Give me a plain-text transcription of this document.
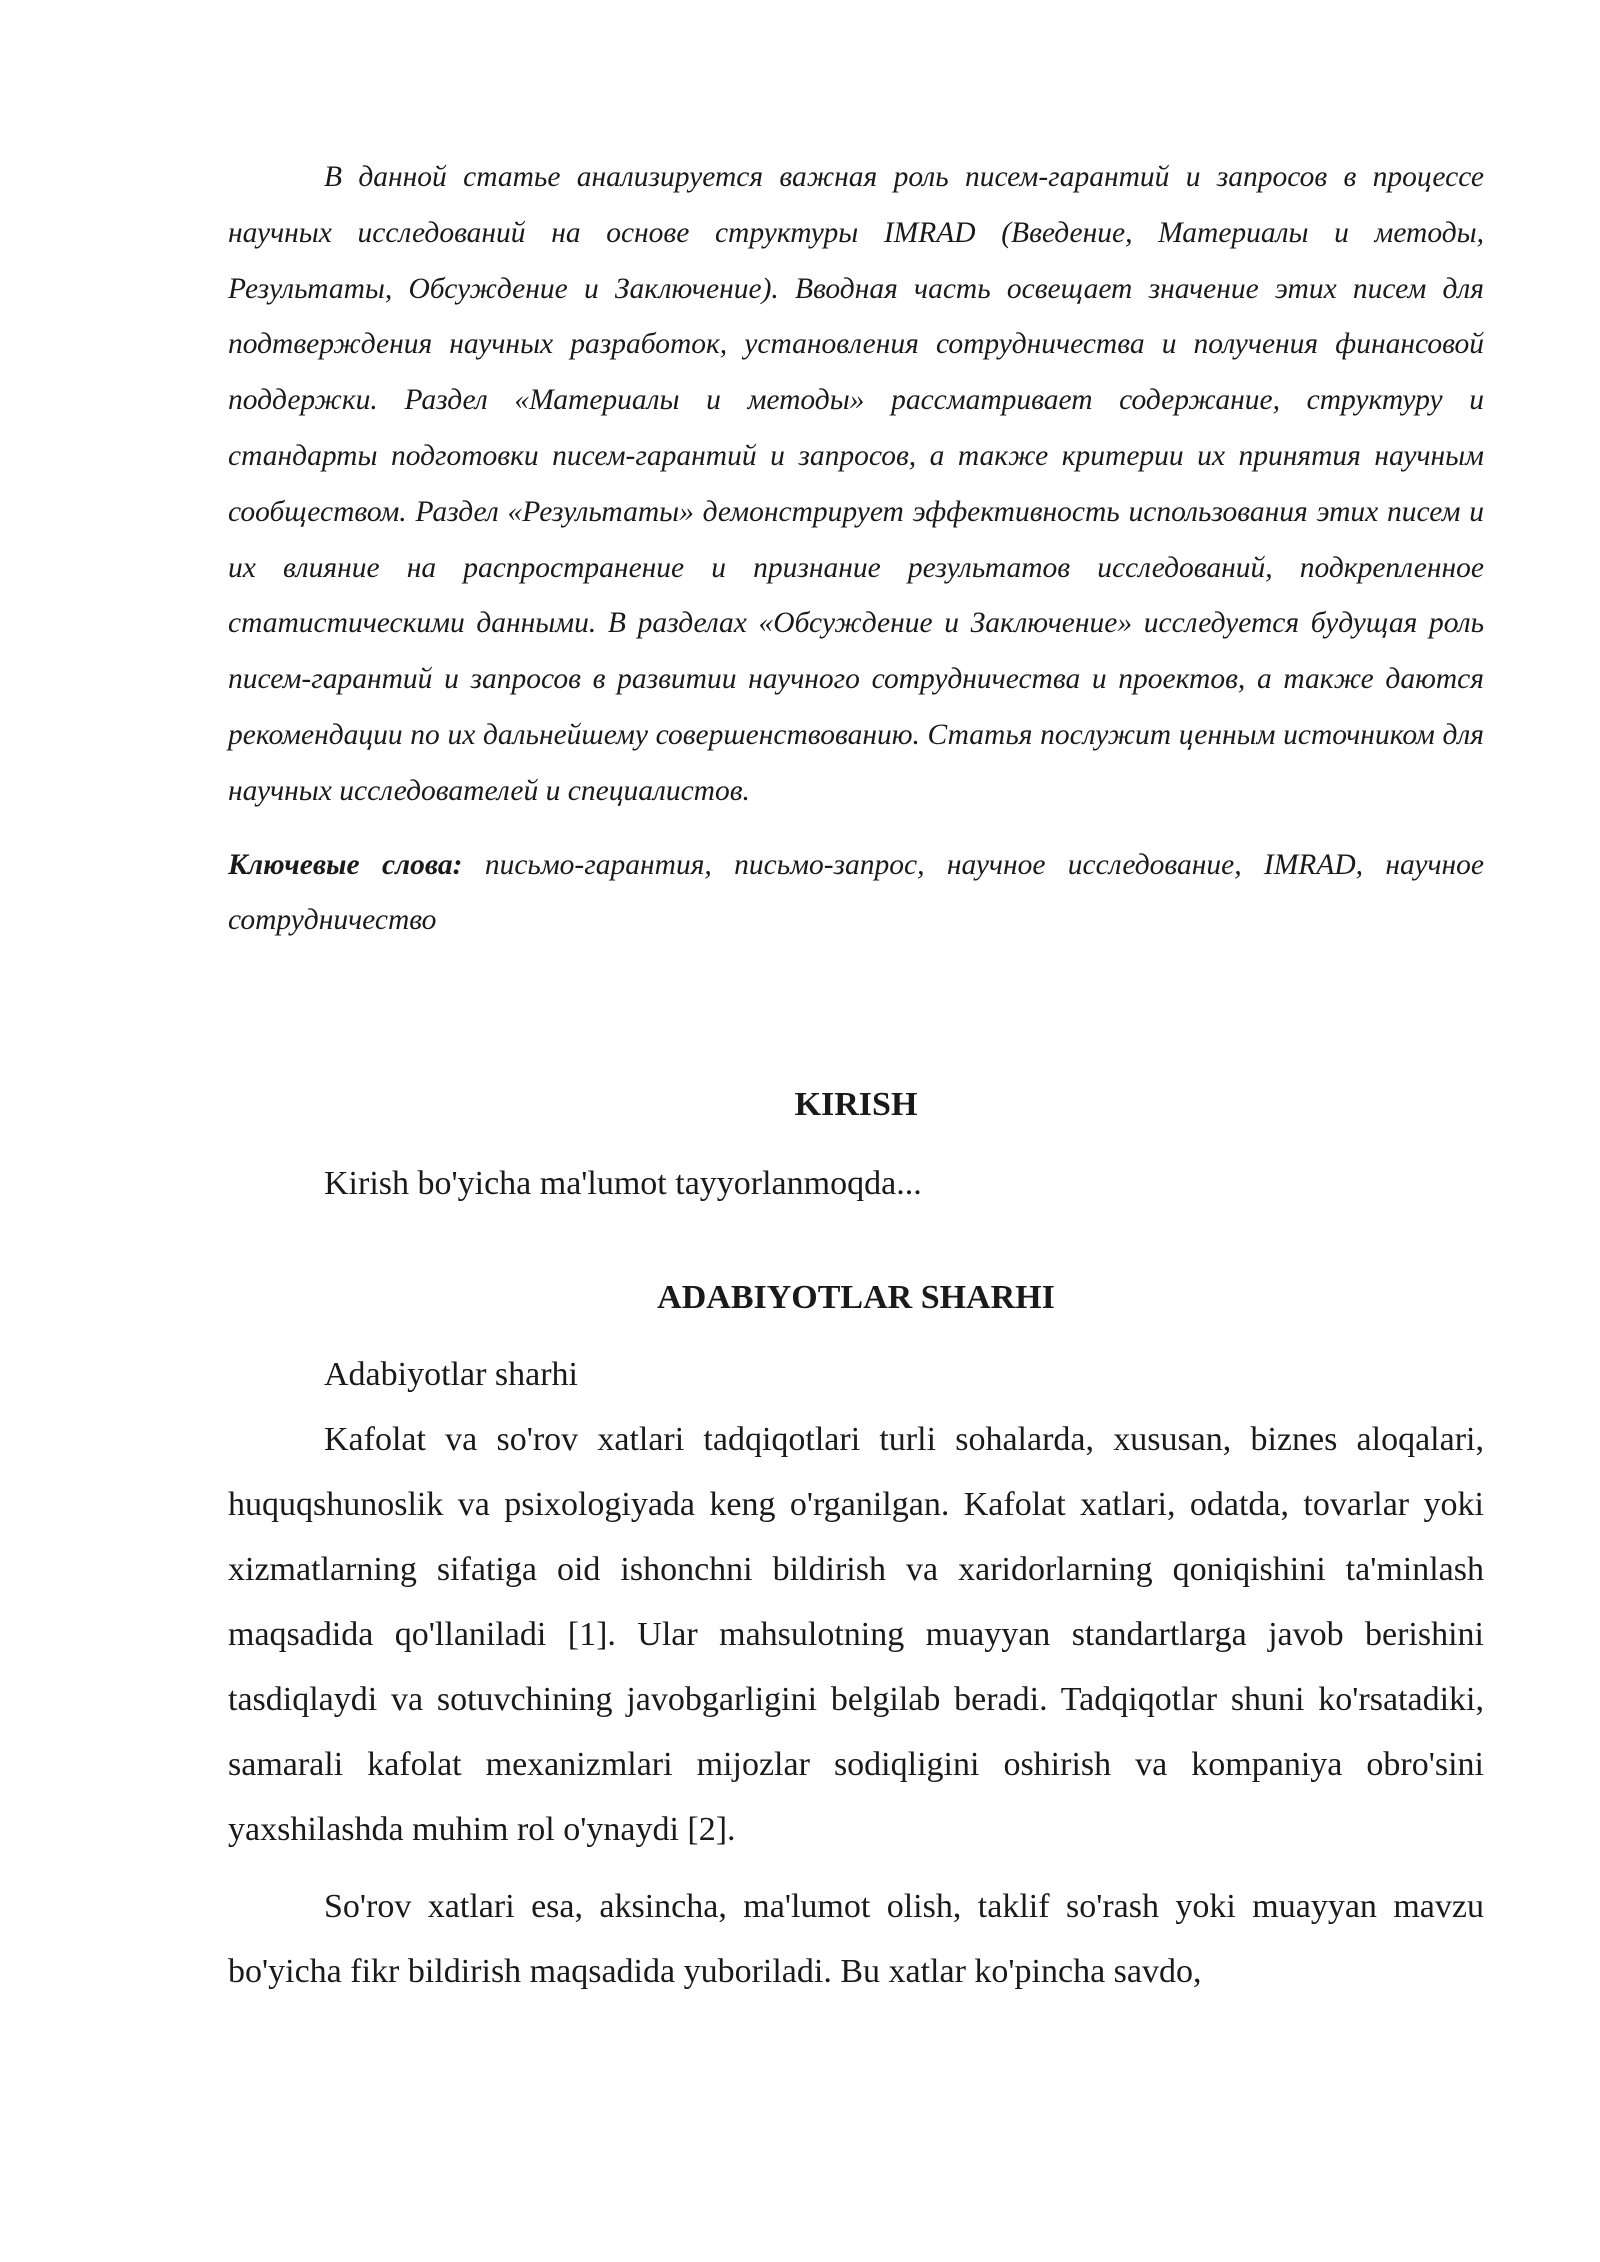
В данной статье анализируется важная роль писем-гарантий и запросов в процессе научных исследований на основе структуры IMRAD (Введение, Материалы и методы, Результаты, Обсуждение и Заключение). Вводная часть освещает значение этих писем для подтверждения научных разработок, установления сотрудничества и получения финансовой поддержки. Раздел «Материалы и методы» рассматривает содержание, структуру и стандарты подготовки писем-гарантий и запросов, а также критерии их принятия научным сообществом. Раздел «Результаты» демонстрирует эффективность использования этих писем и их влияние на распространение и признание результатов исследований, подкрепленное статистическими данными. В разделах «Обсуждение и Заключение» исследуется будущая роль писем-гарантий и запросов в развитии научного сотрудничества и проектов, а также даются рекомендации по их дальнейшему совершенствованию. Статья послужит ценным источником для научных исследователей и специалистов.

Ключевые слова: письмо-гарантия, письмо-запрос, научное исследование, IMRAD, научное сотрудничество

KIRISH

Kirish bo'yicha ma'lumot tayyorlanmoqda...

ADABIYOTLAR SHARHI

Adabiyotlar sharhi

Kafolat va so'rov xatlari tadqiqotlari turli sohalarda, xususan, biznes aloqalari, huquqshunoslik va psixologiyada keng o'rganilgan. Kafolat xatlari, odatda, tovarlar yoki xizmatlarning sifatiga oid ishonchni bildirish va xaridorlarning qoniqishini ta'minlash maqsadida qo'llaniladi [1]. Ular mahsulotning muayyan standartlarga javob berishini tasdiqlaydi va sotuvchining javobgarligini belgilab beradi. Tadqiqotlar shuni ko'rsatadiki, samarali kafolat mexanizmlari mijozlar sodiqligini oshirish va kompaniya obro'sini yaxshilashda muhim rol o'ynaydi [2].

So'rov xatlari esa, aksincha, ma'lumot olish, taklif so'rash yoki muayyan mavzu bo'yicha fikr bildirish maqsadida yuboriladi. Bu xatlar ko'pincha savdo,
